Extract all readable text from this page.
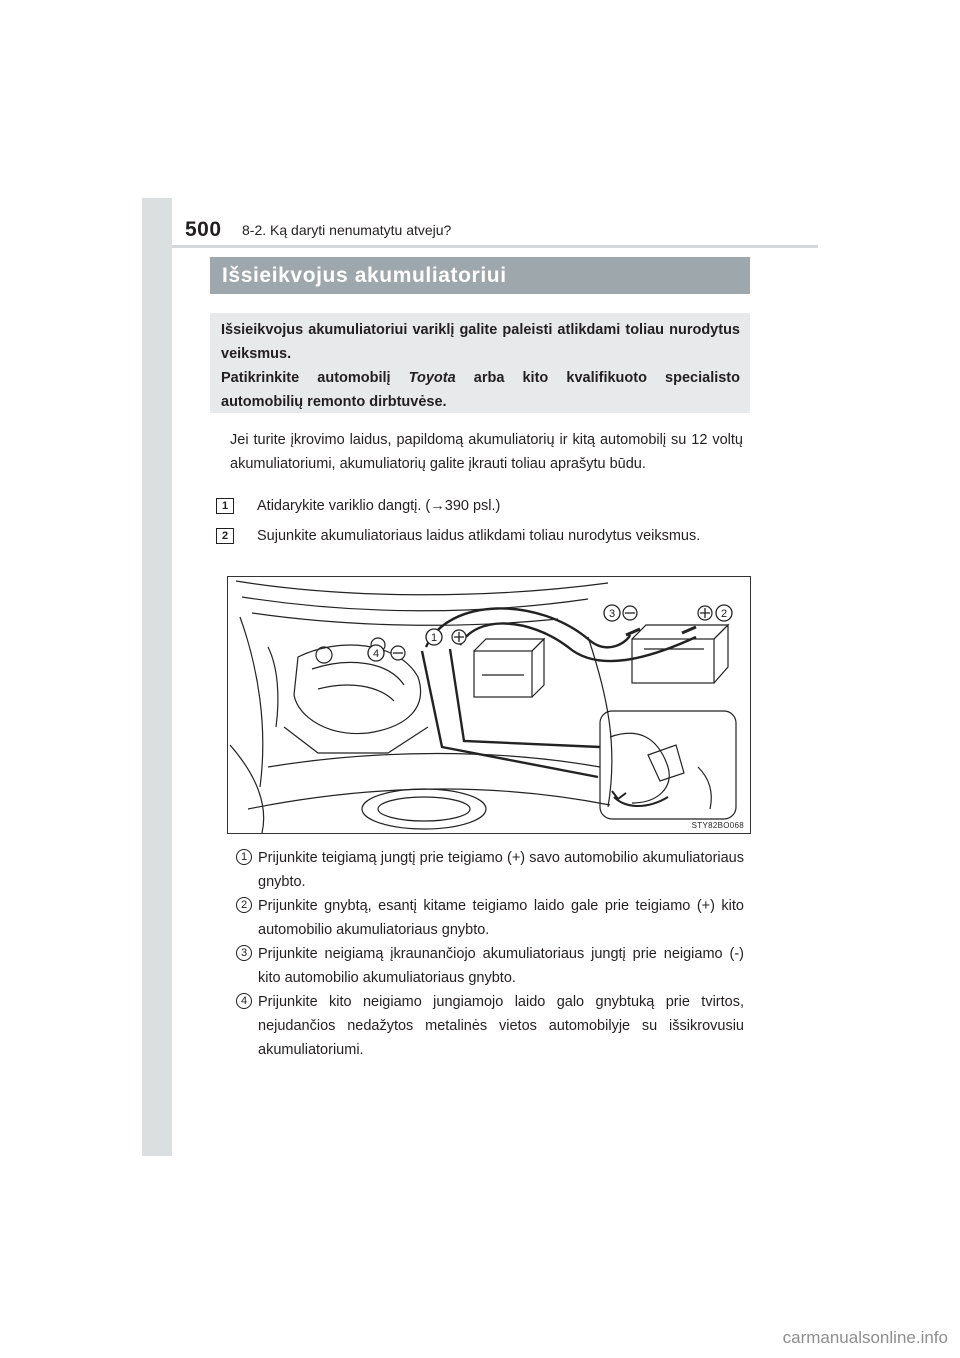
500 8-2. Ką daryti nenumatytu atveju?
Išsieikvojus akumuliatoriui

Išsieikvojus akumuliatoriui variklį galite paleisti atlikdami toliau nurodytus veiksmus.

Patikrinkite automobilį Toyota arba kito kvalifikuoto specialisto automobilių remonto dirbtuvėse.

Jei turite įkrovimo laidus, papildomą akumuliatorių ir kitą automobilį su 12 voltų akumuliatoriumi, akumuliatorių galite įkrauti toliau aprašytu būdu.
1	Atidarykite variklio dangtį. (→390 psl.)
2	Sujunkite akumuliatoriaus laidus atlikdami toliau nurodytus veiksmus.
1
4
3	2
STY82BO068
1 Prijunkite teigiamą jungtį prie teigiamo (+) savo automobilio akumuliatoriaus gnybto.
2 Prijunkite gnybtą, esantį kitame teigiamo laido gale prie teigiamo (+) kito automobilio akumuliatoriaus gnybto.
3 Prijunkite neigiamą įkraunančiojo akumuliatoriaus jungtį prie neigiamo (-) kito automobilio akumuliatoriaus gnybto.
4 Prijunkite kito neigiamo jungiamojo laido galo gnybtuką prie tvirtos, nejudančios nedažytos metalinės vietos automobilyje su išsikrovusiu akumuliatoriumi.
carmanualsonline.info
